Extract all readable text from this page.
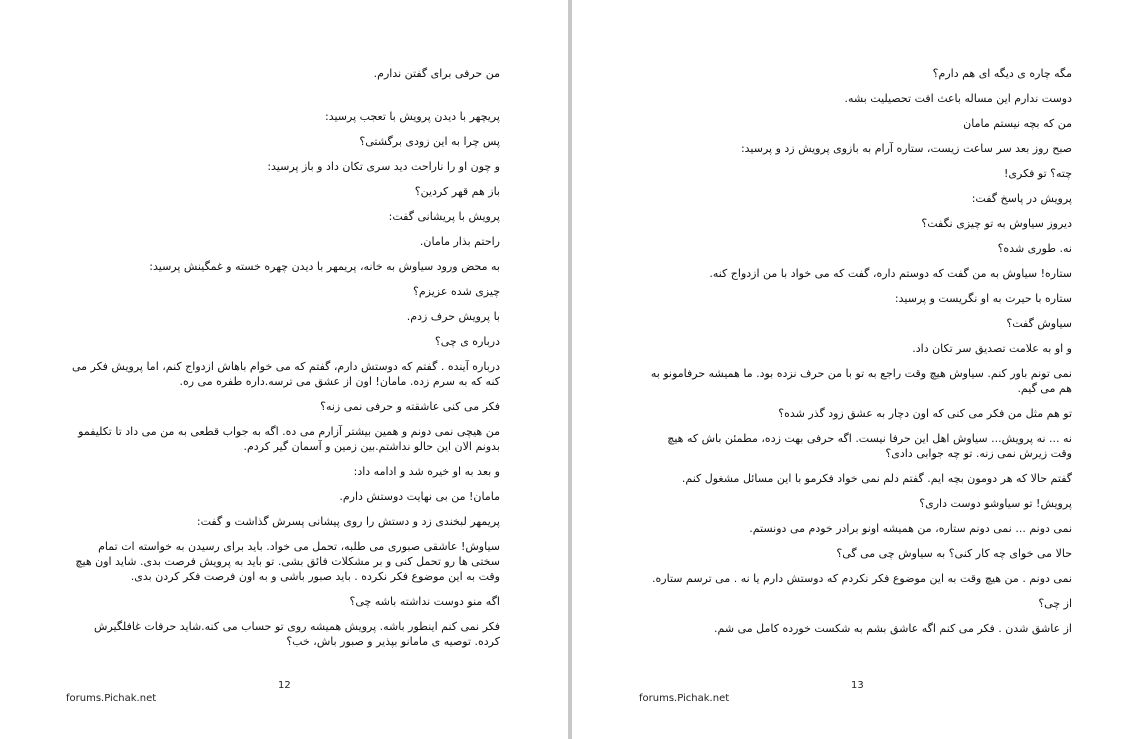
من حرفی برای گفتن ندارم.

پریچهر با دیدن پرویش با تعجب پرسید:

پس چرا به این زودی برگشتی؟

و چون او را ناراحت دید سری تکان داد و باز پرسید:

باز هم قهر کردین؟

پرویش با پریشانی گفت:

راحتم بذار مامان.

به محض ورود سیاوش به خانه، پریمهر با دیدن چهره خسته و غمگینش پرسید:

چیزی شده عزیزم؟

با پرویش حرف زدم.

درباره ی چی؟

درباره آینده . گفتم که دوستش دارم، گفتم که می خوام باهاش ازدواج کنم، اما پرویش فکر می کنه که به سرم زده. مامان! اون از عشق می ترسه.داره طفره می ره.

فکر می کنی عاشقته و حرفی نمی زنه؟

من هیچی نمی دونم و همین بیشتر آزارم می ده. اگه به جواب قطعی به من می داد تا تکلیفمو بدونم الان این حالو نداشتم.بین زمین و آسمان گیر کردم.

و بعد به او خیره شد و ادامه داد:

مامان! من بی نهایت دوستش دارم.

پریمهر لبخندی زد و دستش را روی پیشانی پسرش گذاشت و گفت:

سیاوش! عاشقی صبوری می طلبه، تحمل می خواد. باید برای رسیدن به خواسته ات تمام سختی ها رو تحمل کنی و بر مشکلات فائق بشی. تو باید به پرویش فرصت بدی. شاید اون هیچ وقت به این موضوع فکر نکرده . باید صبور باشی و به اون فرصت فکر کردن بدی.

اگه منو دوست نداشته باشه چی؟

فکر نمی کنم اینطور باشه. پرویش همیشه روی تو حساب می کنه.شاید حرفات غافلگیرش کرده. توصیه ی مامانو بپذیر و صبور باش، خب؟

12
forums.Pichak.net

مگه چاره ی دیگه ای هم دارم؟

دوست ندارم این مساله باعث افت تحصیلیت بشه.

من که بچه نیستم مامان

صبح روز بعد سر ساعت زیست، ستاره آرام به بازوی پرویش زد و پرسید:

چته؟ تو فکری!

پرویش در پاسخ گفت:

دیروز سیاوش به تو چیزی نگفت؟

نه. طوری شده؟

ستاره! سیاوش به من گفت که دوستم داره، گفت که می خواد با من ازدواج کنه.

ستاره با حیرت به او نگریست و پرسید:

سیاوش گفت؟

و او به علامت تصدیق سر تکان داد.

نمی تونم باور کنم. سیاوش هیچ وقت راجع به تو با من حرف نزده بود. ما همیشه حرفامونو به هم می گیم.

تو هم مثل من فکر می کنی که اون دچار به عشق زود گذر شده؟

نه ... نه پرویش... سیاوش اهل این حرفا نیست. اگه حرفی بهت زده، مطمئن باش که هیچ وقت زیرش نمی زنه. تو چه جوابی دادی؟

گفتم حالا که هر دومون بچه ایم. گفتم دلم نمی خواد فکرمو با این مسائل مشغول کنم.

پرویش! تو سیاوشو دوست داری؟

نمی دونم ... نمی دونم ستاره، من همیشه اونو برادر خودم می دونستم.

حالا می خوای چه کار کنی؟ به سیاوش چی می گی؟

نمی دونم . من هیچ وقت به این موضوع فکر نکردم که دوستش دارم یا نه . می ترسم ستاره.

از چی؟

از عاشق شدن . فکر می کنم اگه عاشق بشم به شکست خورده کامل می شم.

13
forums.Pichak.net
